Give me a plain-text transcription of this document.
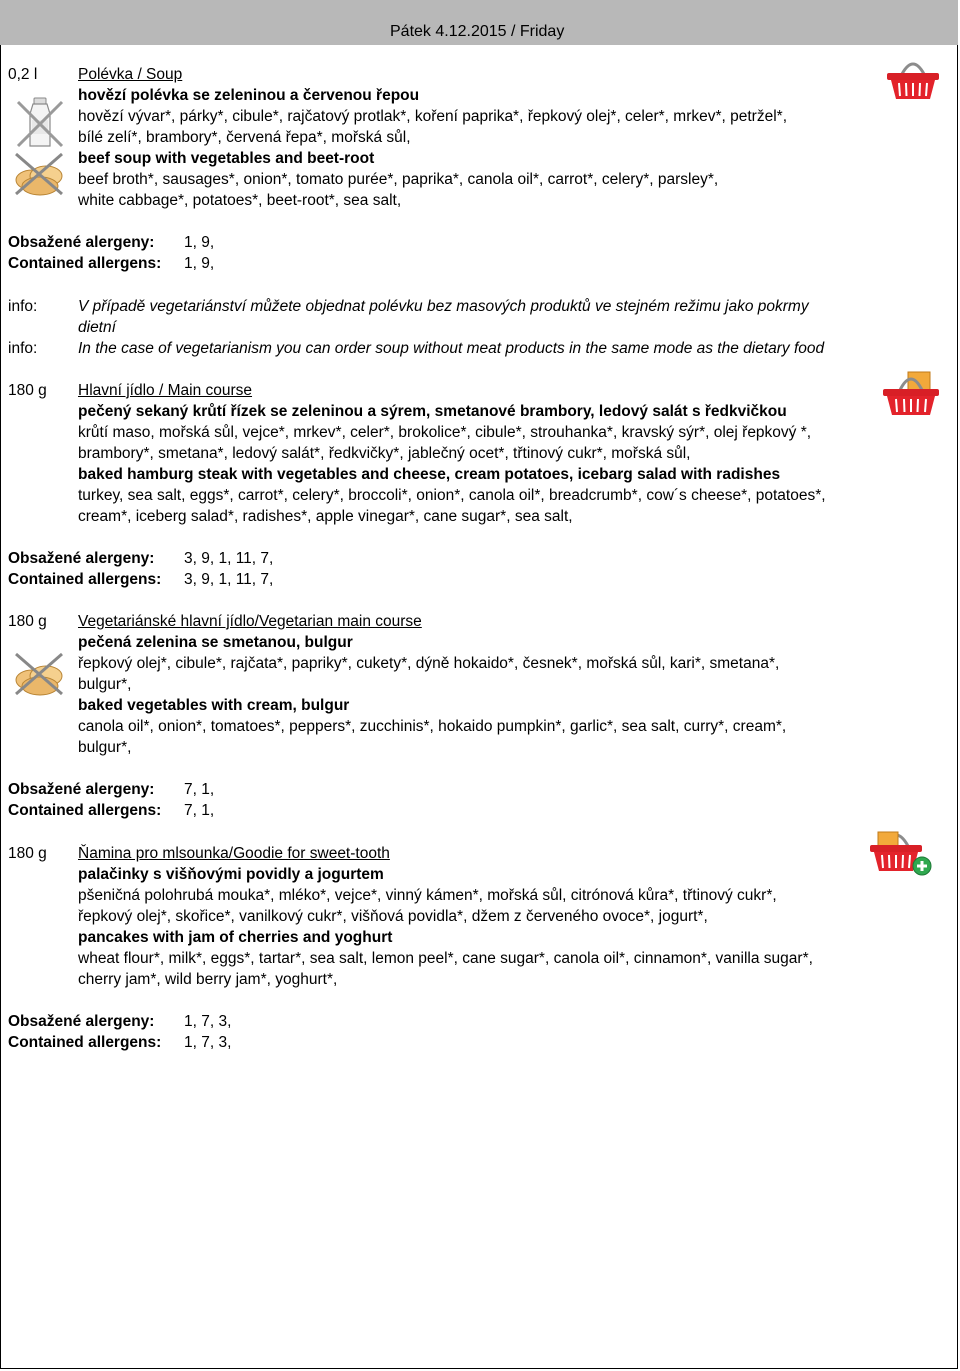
Pátek 4.12.2015 / Friday
0,2 l	Polévka / Soup
hovězí polévka se zeleninou a červenou řepou
hovězí vývar*, párky*, cibule*, rajčatový protlak*, koření paprika*, řepkový olej*, celer*, mrkev*, petržel*,
bílé zelí*, brambory*, červená řepa*, mořská sůl,
beef soup with vegetables and beet-root
beef broth*, sausages*, onion*, tomato purée*, paprika*, canola oil*, carrot*, celery*, parsley*,
white cabbage*, potatoes*, beet-root*, sea salt,
Obsažené alergeny: 1, 9,
Contained allergens: 1, 9,
info:	V případě vegetariánství můžete objednat polévku bez masových produktů ve stejném režimu jako pokrmy
dietní
info:	In the case of vegetarianism you can order soup without meat products in the same mode as the dietary food
180 g Hlavní jídlo / Main course
pečený sekaný krůtí řízek se zeleninou a sýrem, smetanové brambory, ledový salát s ředkvičkou
krůtí maso, mořská sůl, vejce*, mrkev*, celer*, brokolice*, cibule*, strouhanka*, kravský sýr*, olej řepkový *,
brambory*, smetana*, ledový salát*, ředkvičky*, jablečný ocet*, třtinový cukr*, mořská sůl,
baked hamburg steak with vegetables and cheese, cream potatoes, icebarg salad with radishes
turkey, sea salt, eggs*, carrot*, celery*, broccoli*, onion*, canola oil*, breadcrumb*, cow´s cheese*, potatoes*,
cream*, iceberg salad*, radishes*, apple vinegar*, cane sugar*, sea salt,
Obsažené alergeny: 3, 9, 1, 11, 7,
Contained allergens: 3, 9, 1, 11, 7,
180 g Vegetariánské hlavní jídlo/Vegetarian main course
pečená zelenina se smetanou, bulgur
řepkový olej*, cibule*, rajčata*, papriky*, cukety*, dýně hokaido*, česnek*, mořská sůl, kari*, smetana*,
bulgur*,
baked vegetables with cream, bulgur
canola oil*, onion*, tomatoes*, peppers*, zucchinis*, hokaido pumpkin*, garlic*, sea salt, curry*, cream*,
bulgur*,
Obsažené alergeny: 7, 1,
Contained allergens: 7, 1,
180 g Ňamina pro mlsounka/Goodie for sweet-tooth
palačinky s višňovými povidly a jogurtem
pšeničná polohrubá mouka*, mléko*, vejce*, vinný kámen*, mořská sůl, citrónová kůra*, třtinový cukr*,
řepkový olej*, skořice*, vanilkový cukr*, višňová povidla*, džem z červeného ovoce*, jogurt*,
pancakes with jam of cherries and yoghurt
wheat flour*, milk*, eggs*, tartar*, sea salt, lemon peel*, cane sugar*, canola oil*, cinnamon*, vanilla sugar*,
cherry jam*, wild berry jam*, yoghurt*,
Obsažené alergeny: 1, 7, 3,
Contained allergens: 1, 7, 3,
